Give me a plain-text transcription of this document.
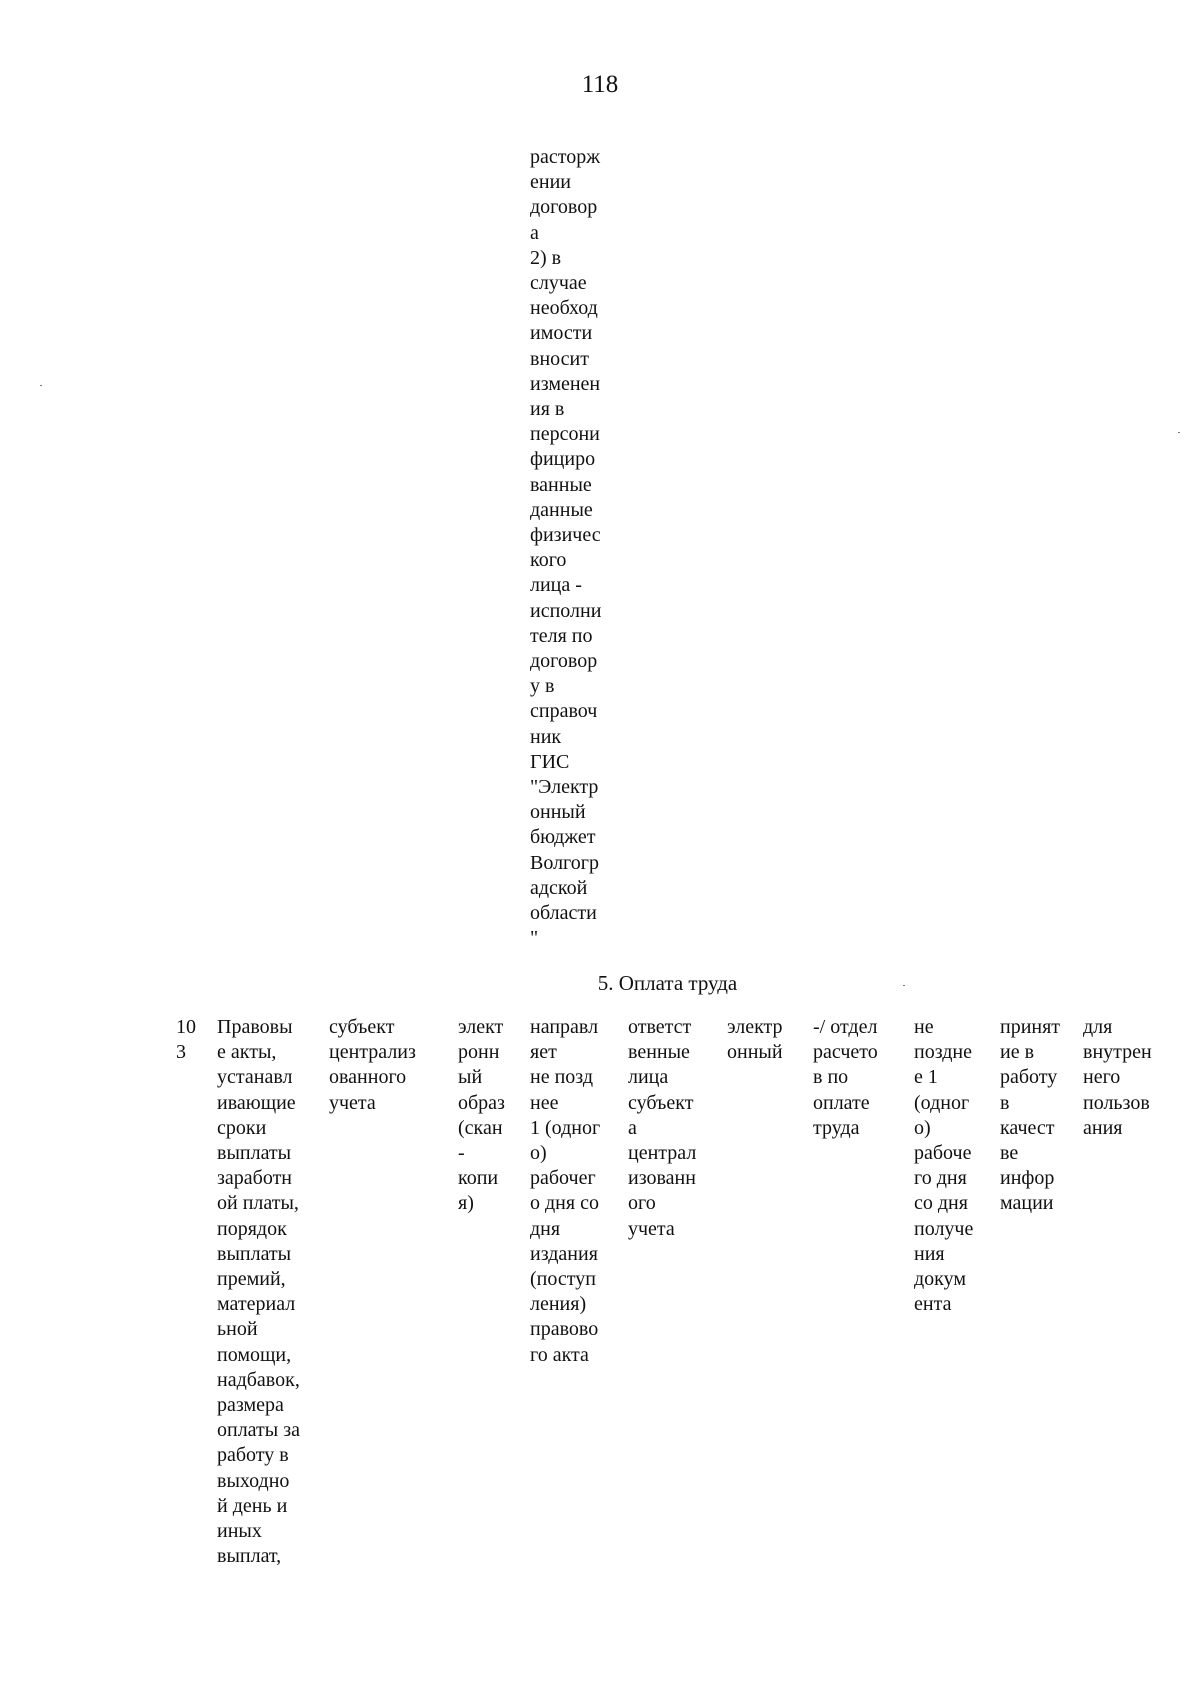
118
расторж
ении
договор
а
2) в
случае
необход
имости
вносит
изменен
ия в
персони
фициро
ванные
данные
физичес
кого
лица -
исполни
теля по
договор
у в
справоч
ник
ГИС
"Электр
онный
бюджет
Волгогр
адской
области
"
5. Оплата труда
10
3
Правовы
е акты,
устанавл
ивающие
сроки
выплаты
заработн
ой платы,
порядок
выплаты
премий,
материал
ьной
помощи,
надбавок,
размера
оплаты за
работу в
выходно
й день и
иных
выплат,
субъект
централиз
ованного
учета
элект
ронн
ый
образ
(скан
-
копи
я)
направл
яет
не позд
нее
1 (одног
о)
рабочег
о дня со
дня
издания
(поступ
ления)
правово
го акта
ответст
венные
лица
субъект
а
централ
изованн
ого
учета
электр
онный
-/ отдел
расчето
в по
оплате
труда
не
поздне
е 1
(одног
о)
рабоче
го дня
со дня
получе
ния
докум
ента
принят
ие в
работу
в
качест
ве
инфор
мации
для
внутрен
него
пользов
ания
